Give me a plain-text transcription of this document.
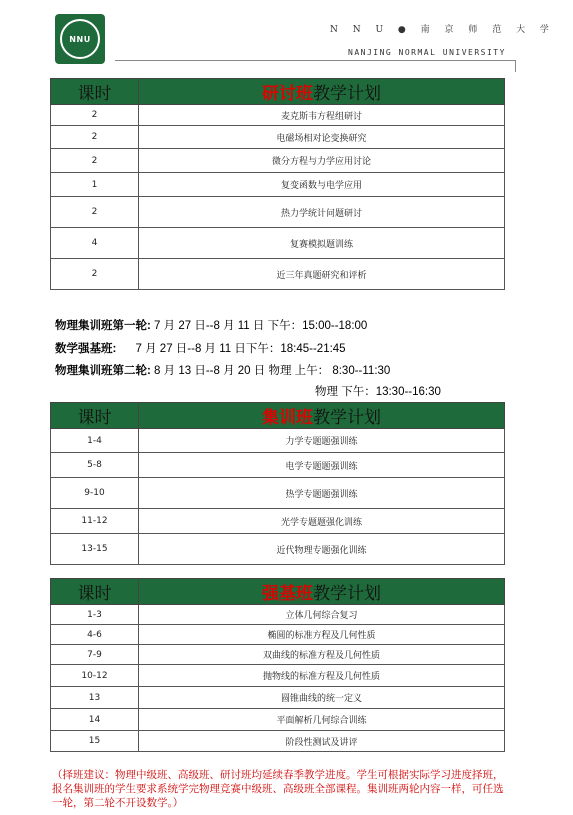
NNU
N N U ● 南 京 师 范 大 学
NANJING NORMAL UNIVERSITY
课时	研讨班教学计划
2	麦克斯韦方程组研讨
2	电磁场相对论变换研究
2	微分方程与力学应用讨论
1	复变函数与电学应用
2	热力学统计问题研讨
4	复赛模拟题训练
2	近三年真题研究和评析
物理集训班第一轮: 7 月 27 日--8 月 11 日 下午：15:00--18:00
数学强基班: 7 月 27 日--8 月 11 日下午：18:45--21:45
物理集训班第二轮: 8 月 13 日--8 月 20 日 物理 上午： 8:30--11:30
物理 下午：13:30--16:30
课时	集训班教学计划
1-4	力学专题题强训练
5-8	电学专题题强训练
9-10	热学专题题强训练
11-12	光学专题题强化训练
13-15	近代物理专题强化训练
课时	强基班教学计划
1-3	立体几何综合复习
4-6	椭圆的标准方程及几何性质
7-9	双曲线的标准方程及几何性质
10-12	抛物线的标准方程及几何性质
13	圆锥曲线的统一定义
14	平面解析几何综合训练
15	阶段性测试及讲评
（择班建议：物理中级班、高级班、研讨班均延续春季教学进度。学生可根据实际学习进度择班，报名集训班的学生要求系统学完物理竞赛中级班、高级班全部课程。集训班两轮内容一样，可任选一轮，第二轮不开设数学。）
